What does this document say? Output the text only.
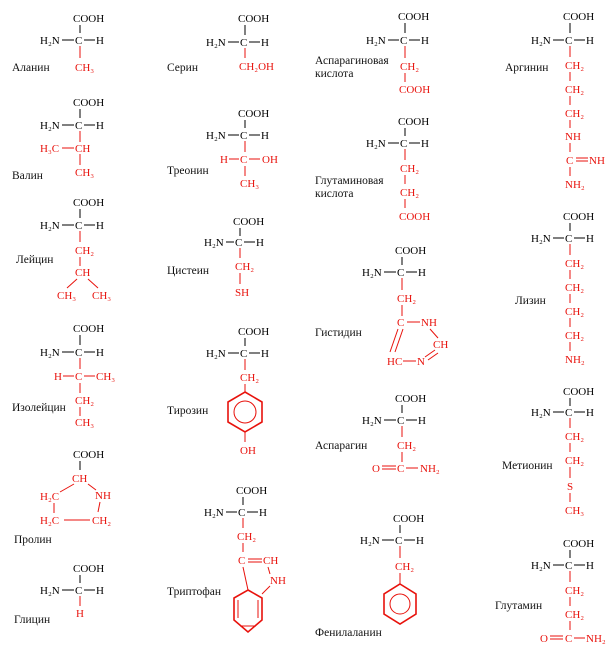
Аланин
Валин
Лейцин
Изолейцин
Пролин
Глицин
Серин
Треонин
Цистеин
Тирозин
Триптофан
Аспарагиновая
кислота
Глутаминовая
кислота
Гистидин
Аспарагин
Фенилаланин
Аргинин
Лизин
Метионин
Глутамин
COOH
H₂N C H
CH₃
COOH
H₂N C H
H₃C CH
CH₃
COOH
H₂N C H
CH₂
CH
CH₃ CH₃
COOH
H₂N C H
H C CH₃
CH₂
CH₃
COOH
CH
H₂C	NH
H₂C	CH₂
COOH
H₂N C H
H
COOH
H₂N C H
CH₂OH
COOH
H₂N C H
H C OH
CH₃
COOH
H₂N C H
CH₂
SH
COOH
H₂N C H
CH₂
OH
COOH
H₂N C H
CH₂
C CH
NH
COOH
H₂N C H
CH₂
COOH
COOH
H₂N C H
CH₂
CH₂
COOH
COOH
H₂N C H
CH₂
C NH
CH
HC N
COOH
H₂N C H
CH₂
O C NH₂
COOH
H₂N C H
CH₂
COOH
H₂N C H
CH₂
CH₂
CH₂
NH
C NH
NH₂
COOH
H₂N C H
CH₂
CH₂
CH₂
CH₂
NH₂
COOH
H₂N C H
CH₂
CH₂
S
CH₃
COOH
H₂N C H
CH₂
CH₂
O C NH₂
